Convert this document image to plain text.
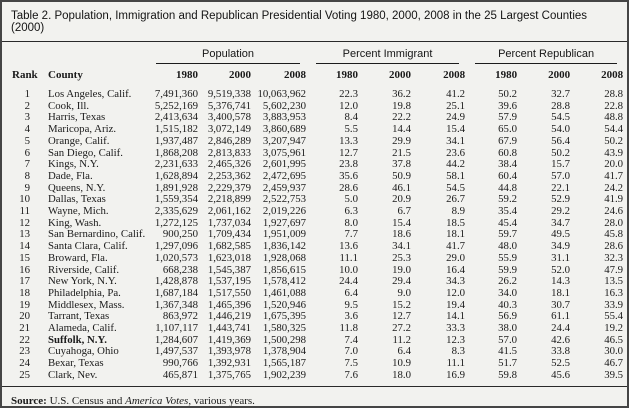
Table 2. Population, Immigration and Republican Presidential Voting 1980, 2000, 2008 in the 25 Largest Counties (2000)

		Population			Percent Immigrant			Percent Republican		

Rank	County	1980	2000	2008	1980	2000	2008	1980	2000	2008

1	Los Angeles, Calif.	7,491,360	9,519,338	10,063,962	22.3	36.2	41.2	50.2	32.7	28.8
2	Cook, Ill.	5,252,169	5,376,741	5,602,230	12.0	19.8	25.1	39.6	28.8	22.8
3	Harris, Texas	2,413,634	3,400,578	3,883,953	8.4	22.2	24.9	57.9	54.5	48.8
4	Maricopa, Ariz.	1,515,182	3,072,149	3,860,689	5.5	14.4	15.4	65.0	54.0	54.4
5	Orange, Calif.	1,937,487	2,846,289	3,207,947	13.3	29.9	34.1	67.9	56.4	50.2
6	San Diego, Calif.	1,868,208	2,813,833	3,075,961	12.7	21.5	23.6	60.8	50.2	43.9
7	Kings, N.Y.	2,231,633	2,465,326	2,601,995	23.8	37.8	44.2	38.4	15.7	20.0
8	Dade, Fla.	1,628,894	2,253,362	2,472,695	35.6	50.9	58.1	60.4	57.0	41.7
9	Queens, N.Y.	1,891,928	2,229,379	2,459,937	28.6	46.1	54.5	44.8	22.1	24.2
10	Dallas, Texas	1,559,354	2,218,899	2,522,753	5.0	20.9	26.7	59.2	52.9	41.9
11	Wayne, Mich.	2,335,629	2,061,162	2,019,226	6.3	6.7	8.9	35.4	29.2	24.6
12	King, Wash.	1,272,125	1,737,034	1,927,697	8.0	15.4	18.5	45.4	34.7	28.0
13	San Bernardino, Calif.	900,250	1,709,434	1,951,009	7.7	18.6	18.1	59.7	49.5	45.8
14	Santa Clara, Calif.	1,297,096	1,682,585	1,836,142	13.6	34.1	41.7	48.0	34.9	28.6
15	Broward, Fla.	1,020,573	1,623,018	1,928,068	11.1	25.3	29.0	55.9	31.1	32.3
16	Riverside, Calif.	668,238	1,545,387	1,856,615	10.0	19.0	16.4	59.9	52.0	47.9
17	New York, N.Y.	1,428,878	1,537,195	1,578,412	24.4	29.4	34.3	26.2	14.3	13.5
18	Philadelphia, Pa.	1,687,184	1,517,550	1,461,088	6.4	9.0	12.0	34.0	18.1	16.3
19	Middlesex, Mass.	1,367,348	1,465,396	1,520,946	9.5	15.2	19.4	40.3	30.7	33.9
20	Tarrant, Texas	863,972	1,446,219	1,675,395	3.6	12.7	14.1	56.9	61.1	55.4
21	Alameda, Calif.	1,107,117	1,443,741	1,580,325	11.8	27.2	33.3	38.0	24.4	19.2
22	Suffolk, N.Y.	1,284,607	1,419,369	1,500,298	7.4	11.2	12.3	57.0	42.6	46.5
23	Cuyahoga, Ohio	1,497,537	1,393,978	1,378,904	7.0	6.4	8.3	41.5	33.8	30.0
24	Bexar, Texas	990,766	1,392,931	1,565,187	7.5	10.9	11.1	51.7	52.5	46.7
25	Clark, Nev.	465,871	1,375,765	1,902,239	7.6	18.0	16.9	59.8	45.6	39.5
Source: U.S. Census and America Votes, various years.
